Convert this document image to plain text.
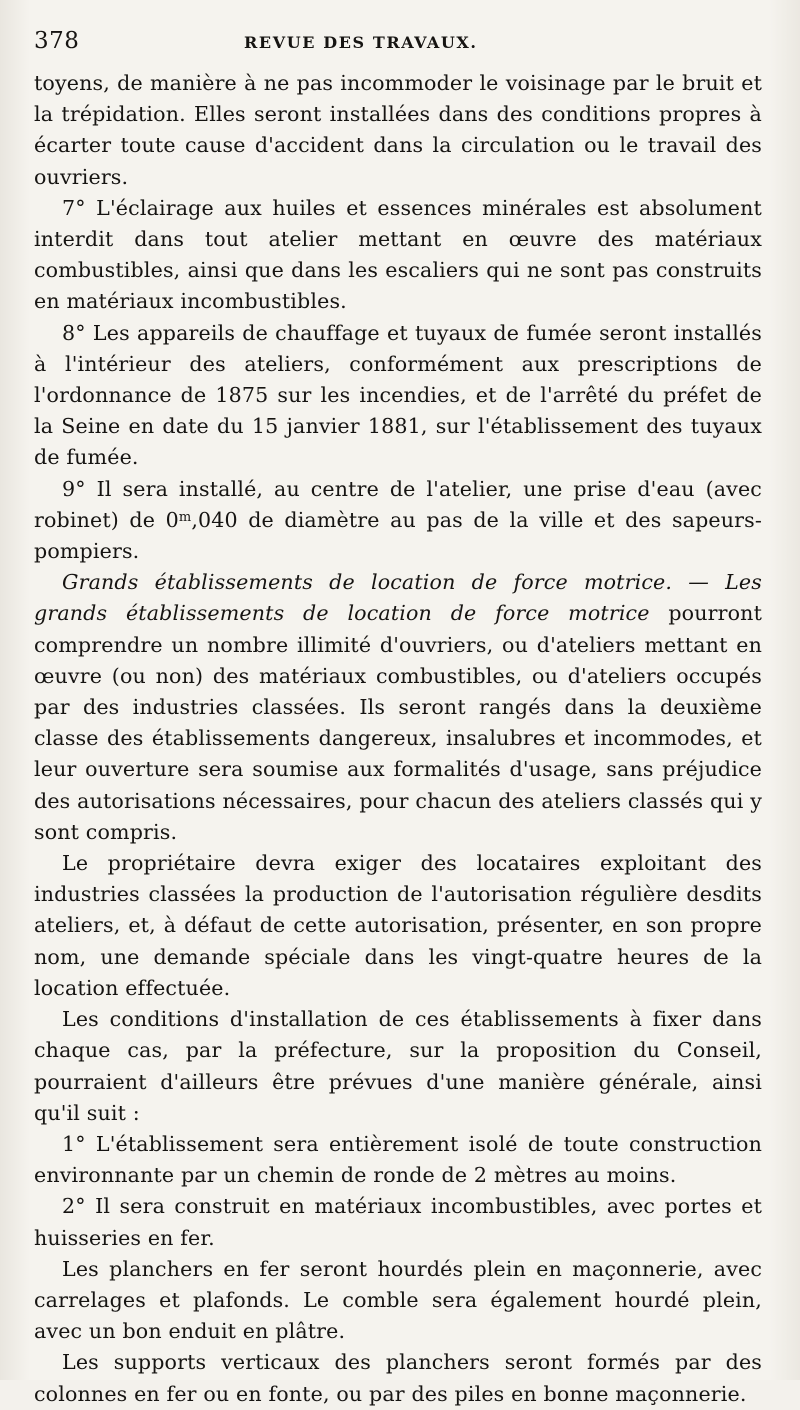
378	REVUE DES TRAVAUX.

toyens, de manière à ne pas incommoder le voisinage par le bruit et la trépidation. Elles seront installées dans des conditions propres à écarter toute cause d'accident dans la circulation ou le travail des ouvriers.

7° L'éclairage aux huiles et essences minérales est absolument interdit dans tout atelier mettant en œuvre des matériaux combustibles, ainsi que dans les escaliers qui ne sont pas construits en matériaux incombustibles.

8° Les appareils de chauffage et tuyaux de fumée seront installés à l'intérieur des ateliers, conformément aux prescriptions de l'ordonnance de 1875 sur les incendies, et de l'arrêté du préfet de la Seine en date du 15 janvier 1881, sur l'établissement des tuyaux de fumée.

9° Il sera installé, au centre de l'atelier, une prise d'eau (avec robinet) de 0$^m$,040 de diamètre au pas de la ville et des sapeurs-pompiers.

Grands établissements de location de force motrice. — Les grands établissements de location de force motrice pourront comprendre un nombre illimité d'ouvriers, ou d'ateliers mettant en œuvre (ou non) des matériaux combustibles, ou d'ateliers occupés par des industries classées. Ils seront rangés dans la deuxième classe des établissements dangereux, insalubres et incommodes, et leur ouverture sera soumise aux formalités d'usage, sans préjudice des autorisations nécessaires, pour chacun des ateliers classés qui y sont compris.

Le propriétaire devra exiger des locataires exploitant des industries classées la production de l'autorisation régulière desdits ateliers, et, à défaut de cette autorisation, présenter, en son propre nom, une demande spéciale dans les vingt-quatre heures de la location effectuée.

Les conditions d'installation de ces établissements à fixer dans chaque cas, par la préfecture, sur la proposition du Conseil, pourraient d'ailleurs être prévues d'une manière générale, ainsi qu'il suit :

1° L'établissement sera entièrement isolé de toute construction environnante par un chemin de ronde de 2 mètres au moins.

2° Il sera construit en matériaux incombustibles, avec portes et huisseries en fer.

Les planchers en fer seront hourdés plein en maçonnerie, avec carrelages et plafonds. Le comble sera également hourdé plein, avec un bon enduit en plâtre.

Les supports verticaux des planchers seront formés par des colonnes en fer ou en fonte, ou par des piles en bonne maçonnerie.
